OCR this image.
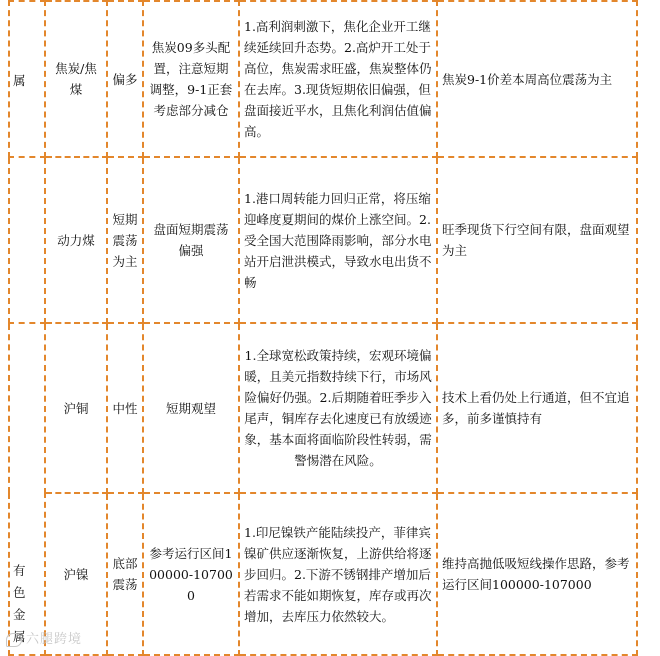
属	焦炭/焦煤	偏多	焦炭09多头配置，注意短期调整，9-1正套考虑部分减仓	1.高利润刺激下，焦化企业开工继续延续回升态势。2.高炉开工处于高位，焦炭需求旺盛，焦炭整体仍在去库。3.现货短期依旧偏强，但盘面接近平水，且焦化利润估值偏高。	焦炭9-1价差本周高位震荡为主
	动力煤	短期震荡为主	盘面短期震荡偏强	1.港口周转能力回归正常，将压缩迎峰度夏期间的煤价上涨空间。2.受全国大范围降雨影响，部分水电站开启泄洪模式，导致水电出货不畅	旺季现货下行空间有限，盘面观望为主
有色金属	沪铜	中性	短期观望	1.全球宽松政策持续，宏观环境偏暖，且美元指数持续下行，市场风险偏好仍强。2.后期随着旺季步入尾声，铜库存去化速度已有放缓迹象，基本面将面临阶段性转弱，需警惕潜在风险。	技术上看仍处上行通道，但不宜追多，前多谨慎持有
	沪镍	底部震荡	参考运行区间100000-107000	1.印尼镍铁产能陆续投产，菲律宾镍矿供应逐渐恢复，上游供给将逐步回归。2.下游不锈钢排产增加后若需求不能如期恢复，库存或再次增加，去库压力依然较大。	维持高抛低吸短线操作思路，参考运行区间100000-107000
六腿跨境
